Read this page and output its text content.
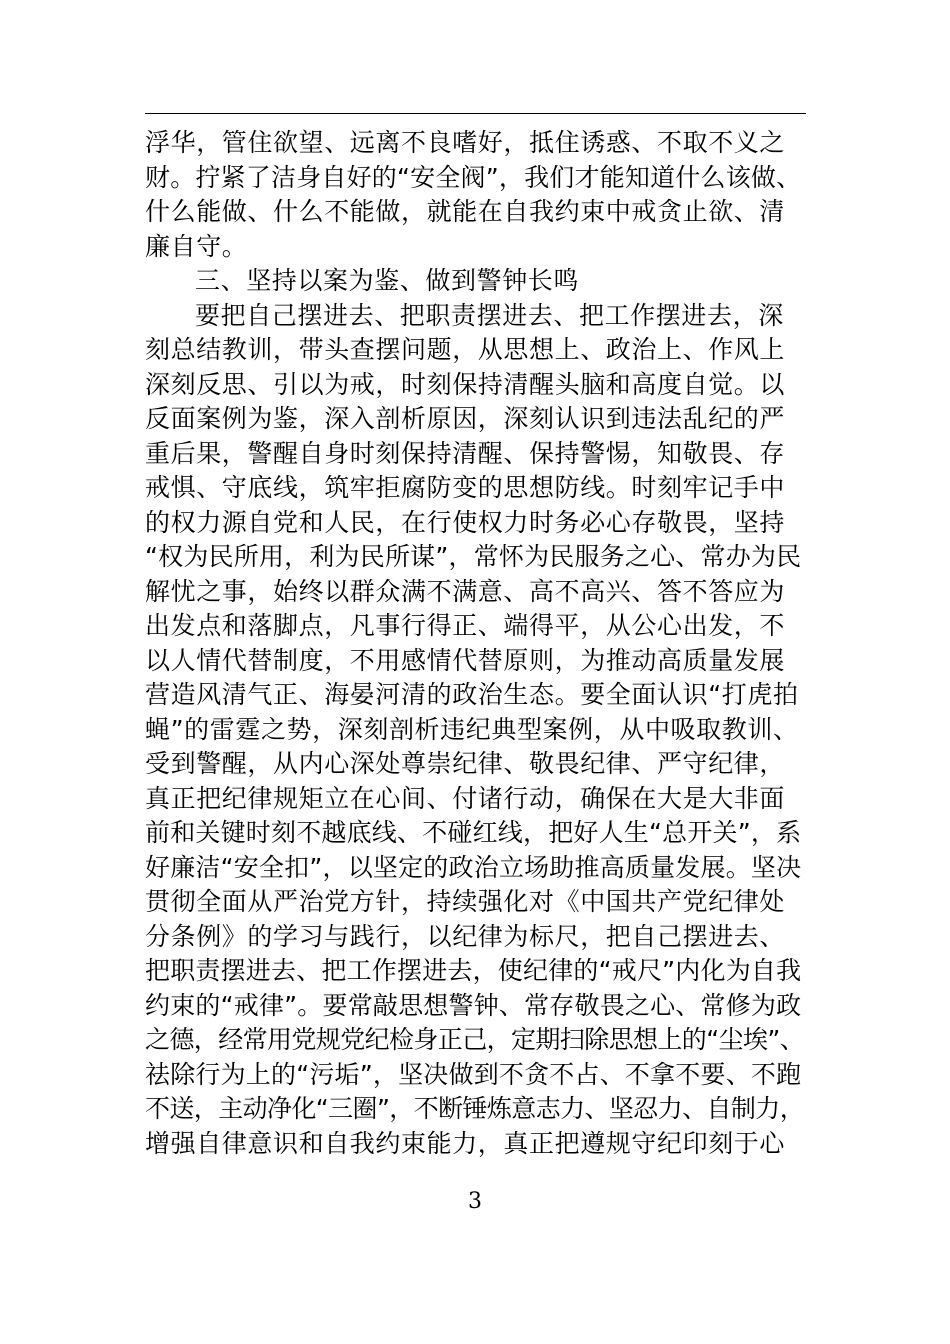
浮华，管住欲望、远离不良嗜好，抵住诱惑、不取不义之
财。拧紧了洁身自好的“安全阀”，我们才能知道什么该做、
什么能做、什么不能做，就能在自我约束中戒贪止欲、清
廉自守。
三、坚持以案为鉴、做到警钟长鸣
要把自己摆进去、把职责摆进去、把工作摆进去，深
刻总结教训，带头查摆问题，从思想上、政治上、作风上
深刻反思、引以为戒，时刻保持清醒头脑和高度自觉。以
反面案例为鉴，深入剖析原因，深刻认识到违法乱纪的严
重后果，警醒自身时刻保持清醒、保持警惕，知敬畏、存
戒惧、守底线，筑牢拒腐防变的思想防线。时刻牢记手中
的权力源自党和人民，在行使权力时务必心存敬畏，坚持
“权为民所用，利为民所谋”，常怀为民服务之心、常办为民
解忧之事，始终以群众满不满意、高不高兴、答不答应为
出发点和落脚点，凡事行得正、端得平，从公心出发，不
以人情代替制度，不用感情代替原则，为推动高质量发展
营造风清气正、海晏河清的政治生态。要全面认识“打虎拍
蝇”的雷霆之势，深刻剖析违纪典型案例，从中吸取教训、
受到警醒，从内心深处尊崇纪律、敬畏纪律、严守纪律，
真正把纪律规矩立在心间、付诸行动，确保在大是大非面
前和关键时刻不越底线、不碰红线，把好人生“总开关”，系
好廉洁“安全扣”，以坚定的政治立场助推高质量发展。坚决
贯彻全面从严治党方针，持续强化对《中国共产党纪律处
分条例》的学习与践行，以纪律为标尺，把自己摆进去、
把职责摆进去、把工作摆进去，使纪律的“戒尺”内化为自我
约束的“戒律”。要常敲思想警钟、常存敬畏之心、常修为政
之德，经常用党规党纪检身正己，定期扫除思想上的“尘埃”、
祛除行为上的“污垢”，坚决做到不贪不占、不拿不要、不跑
不送，主动净化“三圈”，不断锤炼意志力、坚忍力、自制力，
增强自律意识和自我约束能力，真正把遵规守纪印刻于心
3
